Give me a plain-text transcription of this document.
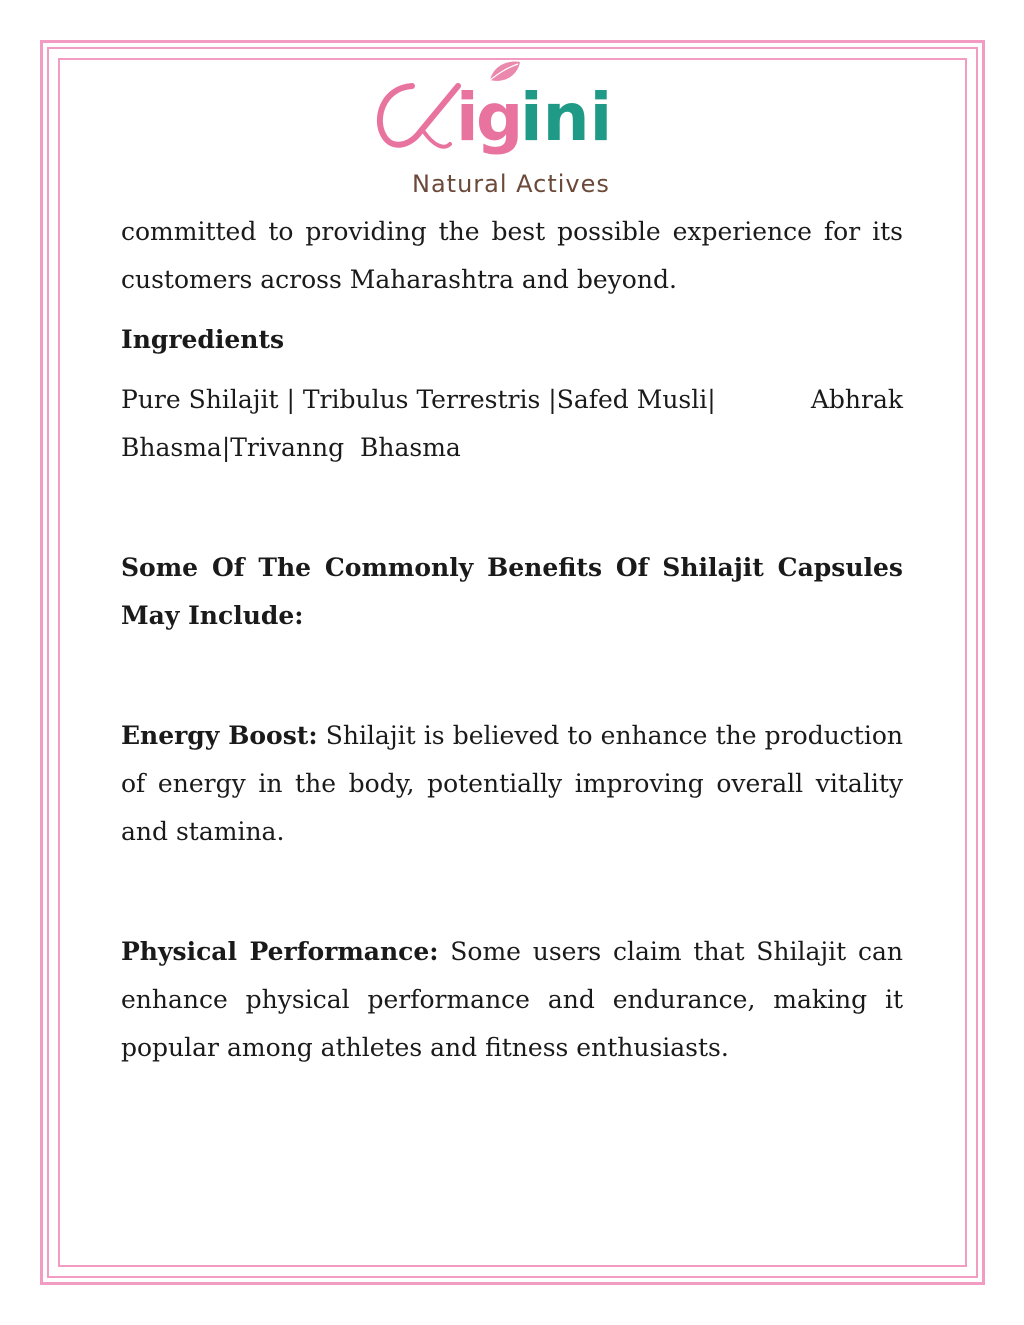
i
g
ini
Natural Actives

committed to providing the best possible experience for its customers across Maharashtra and beyond.

Ingredients

Pure Shilajit | Tribulus Terrestris |Safed Musli|	Abhrak
Bhasma|Trivanng  Bhasma

Some Of The Commonly Benefits Of Shilajit Capsules May Include:

Energy Boost: Shilajit is believed to enhance the production of energy in the body, potentially improving overall vitality and stamina.

Physical Performance: Some users claim that Shilajit can enhance physical performance and endurance, making it popular among athletes and fitness enthusiasts.
